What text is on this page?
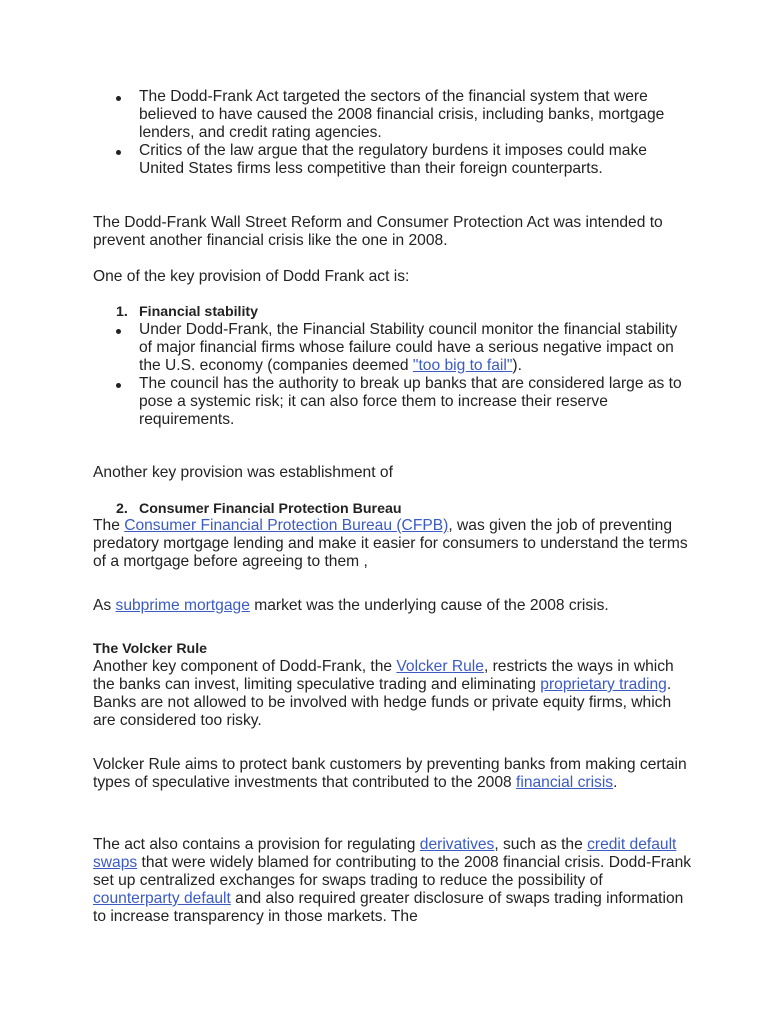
The Dodd-Frank Act targeted the sectors of the financial system that were believed to have caused the 2008 financial crisis, including banks, mortgage lenders, and credit rating agencies.
Critics of the law argue that the regulatory burdens it imposes could make United States firms less competitive than their foreign counterparts.

The Dodd-Frank Wall Street Reform and Consumer Protection Act was intended to prevent another financial crisis like the one in 2008.

One of the key provision of Dodd Frank act is:

1. Financial stability
Under Dodd-Frank, the Financial Stability council monitor the financial stability of major financial firms whose failure could have a serious negative impact on the U.S. economy (companies deemed "too big to fail").
The council has the authority to break up banks that are considered large as to pose a systemic risk; it can also force them to increase their reserve requirements.

Another key provision was establishment of

2. Consumer Financial Protection Bureau

The Consumer Financial Protection Bureau (CFPB), was given the job of preventing predatory mortgage lending and make it easier for consumers to understand the terms of a mortgage before agreeing to them ,

As subprime mortgage market was the underlying cause of the 2008 crisis.

The Volcker Rule

Another key component of Dodd-Frank, the Volcker Rule, restricts the ways in which the banks can invest, limiting speculative trading and eliminating proprietary trading. Banks are not allowed to be involved with hedge funds or private equity firms, which are considered too risky.

Volcker Rule aims to protect bank customers by preventing banks from making certain types of speculative investments that contributed to the 2008 financial crisis.

The act also contains a provision for regulating derivatives, such as the credit default swaps that were widely blamed for contributing to the 2008 financial crisis. Dodd-Frank set up centralized exchanges for swaps trading to reduce the possibility of counterparty default and also required greater disclosure of swaps trading information to increase transparency in those markets. The
